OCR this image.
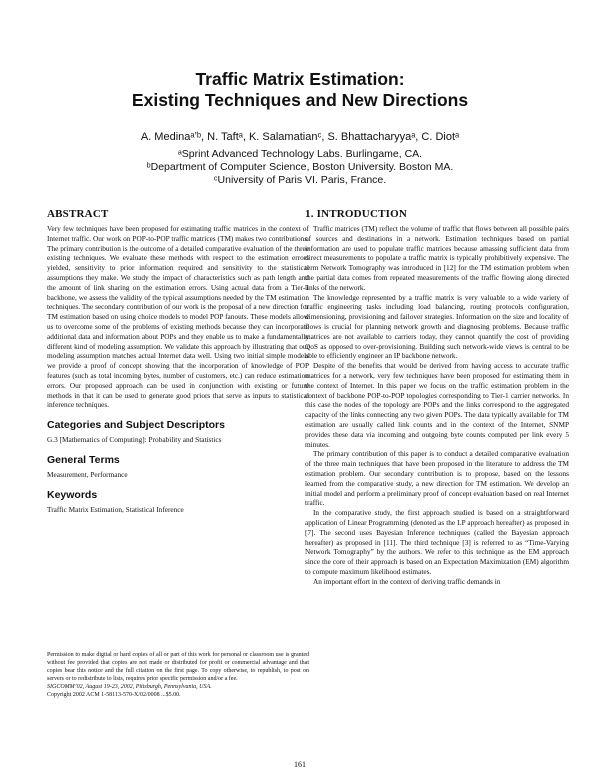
Traffic Matrix Estimation:
Existing Techniques and New Directions
A. Medinaᵃʼᵇ, N. Taftᵃ, K. Salamatianᶜ, S. Bhattacharyyaᵃ, C. Diotᵃ
ᵃSprint Advanced Technology Labs. Burlingame, CA.
ᵇDepartment of Computer Science, Boston University. Boston MA.
ᶜUniversity of Paris VI. Paris, France.
ABSTRACT

Very few techniques have been proposed for estimating traffic matrices in the context of Internet traffic. Our work on POP-to-POP traffic matrices (TM) makes two contributions. The primary contribution is the outcome of a detailed comparative evaluation of the three existing techniques. We evaluate these methods with respect to the estimation errors yielded, sensitivity to prior information required and sensitivity to the statistical assumptions they make. We study the impact of characteristics such as path length and the amount of link sharing on the estimation errors. Using actual data from a Tier-1 backbone, we assess the validity of the typical assumptions needed by the TM estimation techniques. The secondary contribution of our work is the proposal of a new direction for TM estimation based on using choice models to model POP fanouts. These models allow us to overcome some of the problems of existing methods because they can incorporate additional data and information about POPs and they enable us to make a fundamentally different kind of modeling assumption. We validate this approach by illustrating that our modeling assumption matches actual Internet data well. Using two initial simple models we provide a proof of concept showing that the incorporation of knowledge of POP features (such as total incoming bytes, number of customers, etc.) can reduce estimation errors. Our proposed approach can be used in conjunction with existing or future methods in that it can be used to generate good priors that serve as inputs to statistical inference techniques.

Categories and Subject Descriptors

G.3 [Mathematics of Computing]: Probability and Statistics

General Terms

Measurement, Performance

Keywords

Traffic Matrix Estimation, Statistical Inference

Permission to make digital or hard copies of all or part of this work for personal or classroom use is granted without fee provided that copies are not made or distributed for profit or commercial advantage and that copies bear this notice and the full citation on the first page. To copy otherwise, to republish, to post on servers or to redistribute to lists, requires prior specific permission and/or a fee.

SIGCOMM’02, August 19-23, 2002, Pittsburgh, Pennsylvania, USA.

Copyright 2002 ACM 1-58113-570-X/02/0008 ...$5.00.

1. INTRODUCTION

Traffic matrices (TM) reflect the volume of traffic that flows between all possible pairs of sources and destinations in a network. Estimation techniques based on partial information are used to populate traffic matrices because amassing sufficient data from direct measurements to populate a traffic matrix is typically prohibitively expensive. The term Network Tomography was introduced in [12] for the TM estimation problem when the partial data comes from repeated measurements of the traffic flowing along directed links of the network.

The knowledge represented by a traffic matrix is very valuable to a wide variety of traffic engineering tasks including load balancing, routing protocols configuration, dimensioning, provisioning and failover strategies. Information on the size and locality of flows is crucial for planning network growth and diagnosing problems. Because traffic matrices are not available to carriers today, they cannot quantify the cost of providing QoS as opposed to over-provisioning. Building such network-wide views is central to be able to efficiently engineer an IP backbone network.

Despite of the benefits that would be derived from having access to accurate traffic matrices for a network, very few techniques have been proposed for estimating them in the context of Internet. In this paper we focus on the traffic estimation problem in the context of backbone POP-to-POP topologies corresponding to Tier-1 carrier networks. In this case the nodes of the topology are POPs and the links correspond to the aggregated capacity of the links connecting any two given POPs. The data typically available for TM estimation are usually called link counts and in the context of the Internet, SNMP provides these data via incoming and outgoing byte counts computed per link every 5 minutes.

The primary contribution of this paper is to conduct a detailed comparative evaluation of the three main techniques that have been proposed in the literature to address the TM estimation problem. Our secondary contribution is to propose, based on the lessons learned from the comparative study, a new direction for TM estimation. We develop an initial model and perform a preliminary proof of concept evaluation based on real Internet traffic.

In the comparative study, the first approach studied is based on a straightforward application of Linear Programming (denoted as the LP approach hereafter) as proposed in [7]. The second uses Bayesian Inference techniques (called the Bayesian approach hereafter) as proposed in [11]. The third technique [3] is referred to as “Time-Varying Network Tomography” by the authors. We refer to this technique as the EM approach since the core of their approach is based on an Expectation Maximization (EM) algorithm to compute maximum likelihood estimates.

An important effort in the context of deriving traffic demands in

161
